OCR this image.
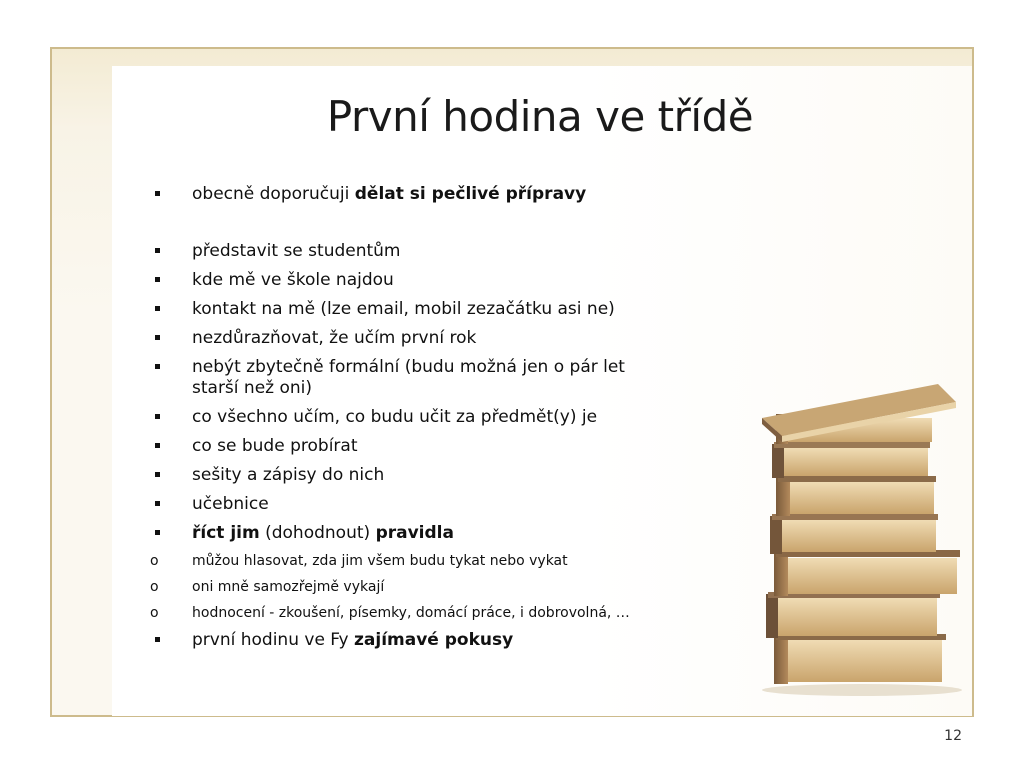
První hodina ve třídě
obecně doporučuji dělat si pečlivé přípravy
představit se studentům
kde mě ve škole najdou
kontakt na mě (lze email, mobil zezačátku asi ne)
nezdůrazňovat, že učím první rok
nebýt zbytečně formální (budu možná jen o pár let
starší než oni)
co všechno učím, co budu učit za předmět(y) je
co se bude probírat
sešity a zápisy do nich
učebnice
říct jim (dohodnout) pravidla
o můžou hlasovat, zda jim všem budu tykat nebo vykat
o oni mně samozřejmě vykají
o hodnocení - zkoušení, písemky, domácí práce, i dobrovolná, …
první hodinu ve Fy zajímavé pokusy
12
